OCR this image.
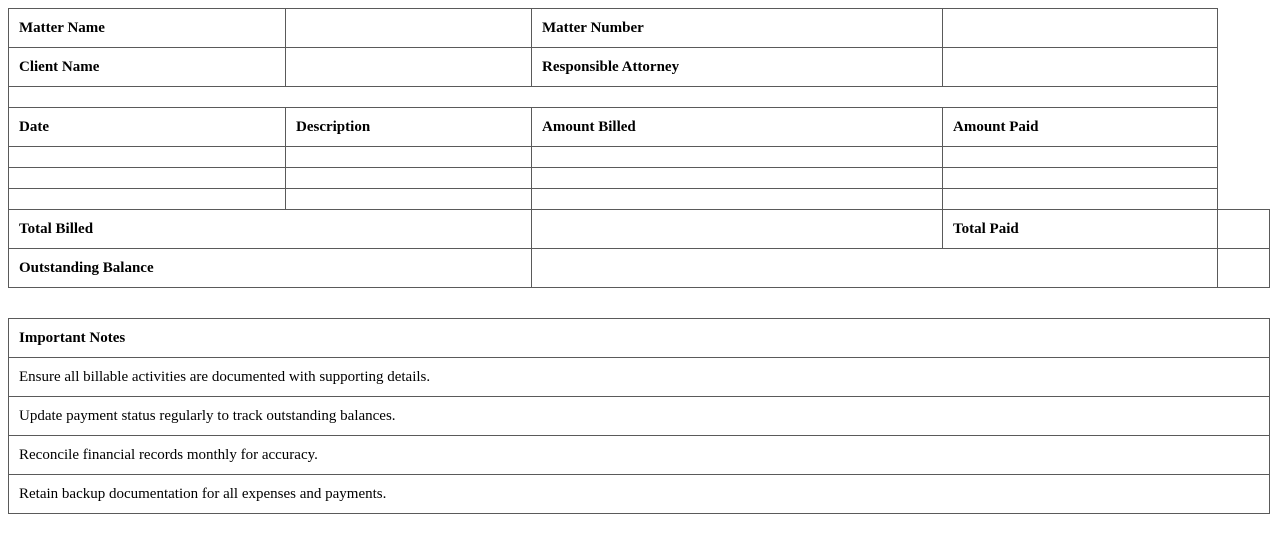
Matter Name	Matter Number
Client Name	Responsible Attorney
Date	Description	Amount Billed	Amount Paid
Total Billed	Total Paid
Outstanding Balance
Important Notes
Ensure all billable activities are documented with supporting details.
Update payment status regularly to track outstanding balances.
Reconcile financial records monthly for accuracy.
Retain backup documentation for all expenses and payments.
